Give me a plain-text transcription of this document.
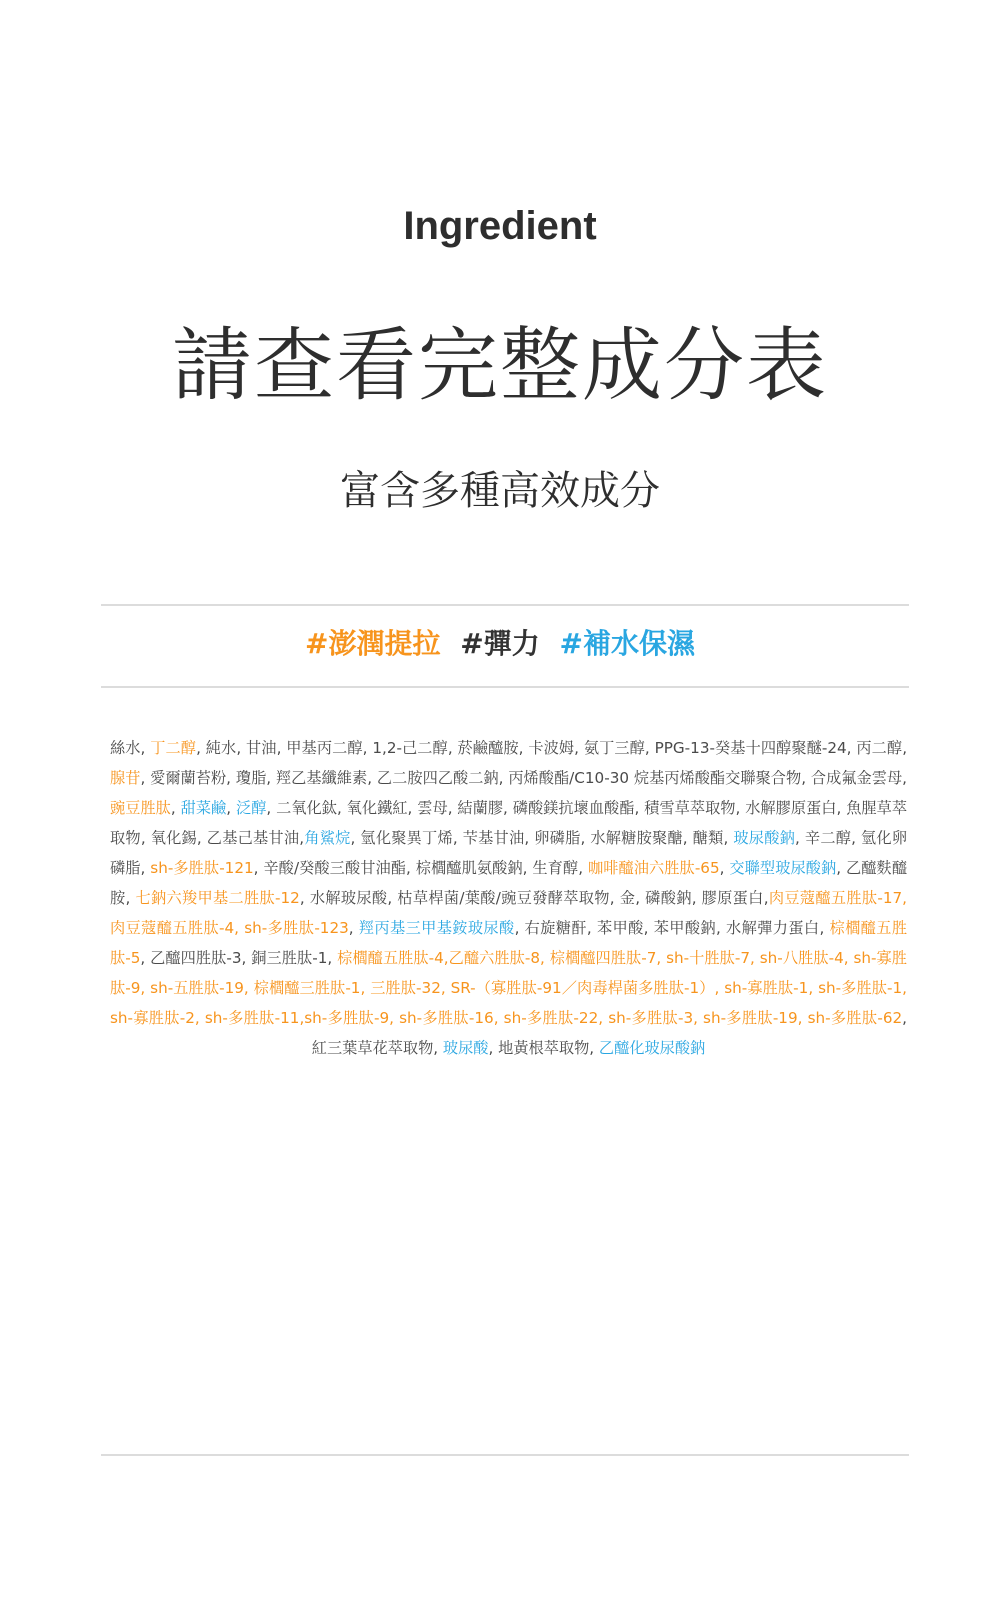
Ingredient
請查看完整成分表
富含多種高效成分
#澎潤提拉 #彈力 #補水保濕
絲水, 丁二醇, 純水, 甘油, 甲基丙二醇, 1,2-己二醇, 菸鹼醯胺, 卡波姆, 氨丁三醇, PPG-13-癸基十四醇聚醚-24, 丙二醇, 腺苷, 愛爾蘭苔粉, 瓊脂, 羥乙基纖維素, 乙二胺四乙酸二鈉, 丙烯酸酯/C10-30 烷基丙烯酸酯交聯聚合物, 合成氟金雲母, 豌豆胜肽, 甜菜鹼, 泛醇, 二氧化鈦, 氧化鐵紅, 雲母, 結蘭膠, 磷酸鎂抗壞血酸酯, 積雪草萃取物, 水解膠原蛋白, 魚腥草萃取物, 氧化錫, 乙基己基甘油,角鯊烷, 氫化聚異丁烯, 芐基甘油, 卵磷脂, 水解糖胺聚醣, 醣類, 玻尿酸鈉, 辛二醇, 氫化卵磷脂, sh-多胜肽-121, 辛酸/癸酸三酸甘油酯, 棕櫚醯肌氨酸鈉, 生育醇, 咖啡醯油六胜肽-65, 交聯型玻尿酸鈉, 乙醯麩醯胺, 七鈉六羧甲基二胜肽-12, 水解玻尿酸, 枯草桿菌/葉酸/豌豆發酵萃取物, 金, 磷酸鈉, 膠原蛋白,肉豆蔻醯五胜肽-17, 肉豆蔻醯五胜肽-4, sh-多胜肽-123, 羥丙基三甲基銨玻尿酸, 右旋糖酐, 苯甲酸, 苯甲酸鈉, 水解彈力蛋白, 棕櫚醯五胜肽-5, 乙醯四胜肽-3, 銅三胜肽-1, 棕櫚醯五胜肽-4,乙醯六胜肽-8, 棕櫚醯四胜肽-7, sh-十胜肽-7, sh-八胜肽-4, sh-寡胜肽-9, sh-五胜肽-19, 棕櫚醯三胜肽-1, 三胜肽-32, SR-（寡胜肽-91／肉毒桿菌多胜肽-1）, sh-寡胜肽-1, sh-多胜肽-1, sh-寡胜肽-2, sh-多胜肽-11,sh-多胜肽-9, sh-多胜肽-16, sh-多胜肽-22, sh-多胜肽-3, sh-多胜肽-19, sh-多胜肽-62, 紅三葉草花萃取物, 玻尿酸, 地黃根萃取物, 乙醯化玻尿酸鈉
